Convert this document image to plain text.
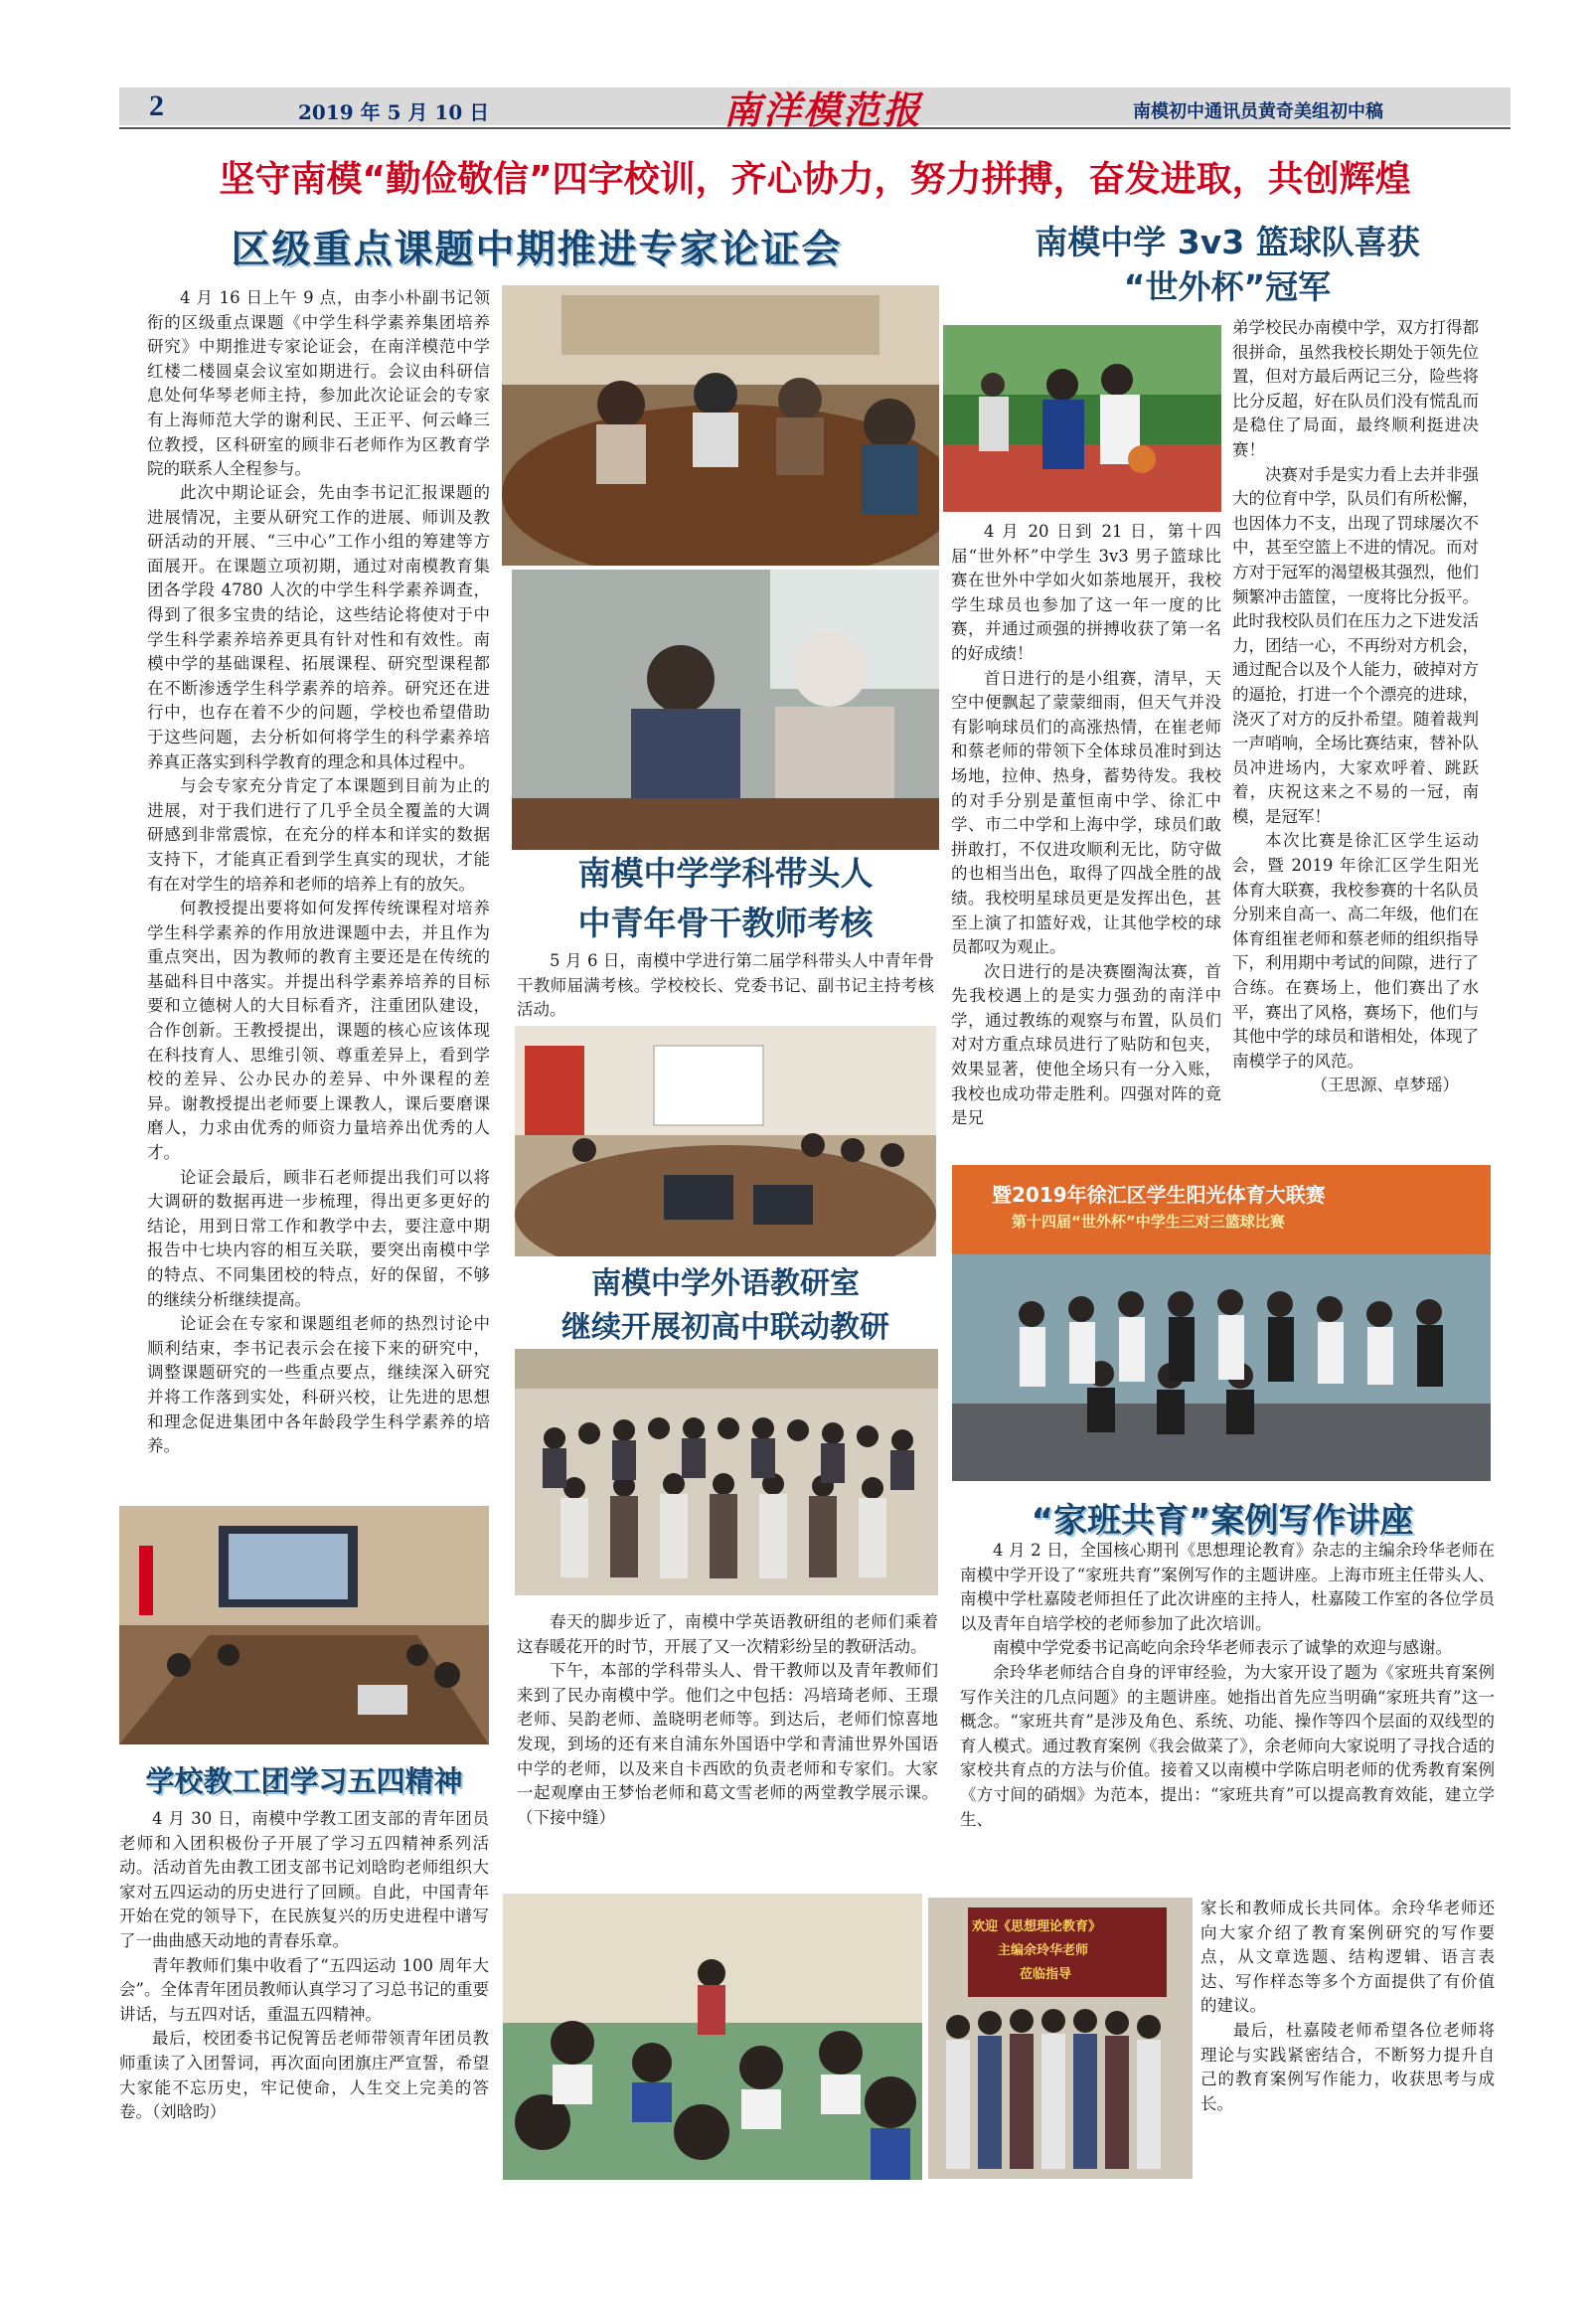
2	2019 年 5 月 10 日	南洋模范报	南模初中通讯员黄奇美组初中稿
坚守南模“勤俭敬信”四字校训，齐心协力，努力拼搏，奋发进取，共创辉煌
区级重点课题中期推进专家论证会

4 月 16 日上午 9 点，由李小朴副书记领衔的区级重点课题《中学生科学素养集团培养研究》中期推进专家论证会，在南洋模范中学红楼二楼圆桌会议室如期进行。会议由科研信息处何华琴老师主持，参加此次论证会的专家有上海师范大学的谢利民、王正平、何云峰三位教授，区科研室的顾非石老师作为区教育学院的联系人全程参与。

此次中期论证会，先由李书记汇报课题的进展情况，主要从研究工作的进展、师训及教研活动的开展、“三中心”工作小组的筹建等方面展开。在课题立项初期，通过对南模教育集团各学段 4780 人次的中学生科学素养调查，得到了很多宝贵的结论，这些结论将使对于中学生科学素养培养更具有针对性和有效性。南模中学的基础课程、拓展课程、研究型课程都在不断渗透学生科学素养的培养。研究还在进行中，也存在着不少的问题，学校也希望借助于这些问题，去分析如何将学生的科学素养培养真正落实到科学教育的理念和具体过程中。

与会专家充分肯定了本课题到目前为止的进展，对于我们进行了几乎全员全覆盖的大调研感到非常震惊，在充分的样本和详实的数据支持下，才能真正看到学生真实的现状，才能有在对学生的培养和老师的培养上有的放矢。

何教授提出要将如何发挥传统课程对培养学生科学素养的作用放进课题中去，并且作为重点突出，因为教师的教育主要还是在传统的基础科目中落实。并提出科学素养培养的目标要和立德树人的大目标看齐，注重团队建设，合作创新。王教授提出，课题的核心应该体现在科技育人、思维引领、尊重差异上，看到学校的差异、公办民办的差异、中外课程的差异。谢教授提出老师要上课教人，课后要磨课磨人，力求由优秀的师资力量培养出优秀的人才。

论证会最后，顾非石老师提出我们可以将大调研的数据再进一步梳理，得出更多更好的结论，用到日常工作和教学中去，要注意中期报告中七块内容的相互关联，要突出南模中学的特点、不同集团校的特点，好的保留，不够的继续分析继续提高。

论证会在专家和课题组老师的热烈讨论中顺利结束，李书记表示会在接下来的研究中，调整课题研究的一些重点要点，继续深入研究并将工作落到实处，科研兴校，让先进的思想和理念促进集团中各年龄段学生科学素养的培养。

南模中学 3v3 篮球队喜获
“世外杯”冠军

弟学校民办南模中学，双方打得都很拼命，虽然我校长期处于领先位置，但对方最后两记三分，险些将比分反超，好在队员们没有慌乱而是稳住了局面，最终顺利挺进决赛！

决赛对手是实力看上去并非强大的位育中学，队员们有所松懈，也因体力不支，出现了罚球屡次不中，甚至空篮上不进的情况。而对方对于冠军的渴望极其强烈，他们频繁冲击篮筐，一度将比分扳平。此时我校队员们在压力之下进发活力，团结一心，不再纷对方机会，通过配合以及个人能力，破掉对方的逼抢，打进一个个漂亮的进球，浇灭了对方的反扑希望。随着裁判一声哨响，全场比赛结束，替补队员冲进场内，大家欢呼着、跳跃着，庆祝这来之不易的一冠，南模，是冠军！

本次比赛是徐汇区学生运动会，暨 2019 年徐汇区学生阳光体育大联赛，我校参赛的十名队员分别来自高一、高二年级，他们在体育组崔老师和蔡老师的组织指导下，利用期中考试的间隙，进行了合练。在赛场上，他们赛出了水平，赛出了风格，赛场下，他们与其他中学的球员和谐相处，体现了南模学子的风范。

（王思源、卓梦瑶）

4 月 20 日到 21 日，第十四届“世外杯”中学生 3v3 男子篮球比赛在世外中学如火如荼地展开，我校学生球员也参加了这一年一度的比赛，并通过顽强的拼搏收获了第一名的好成绩！

首日进行的是小组赛，清早，天空中便飘起了蒙蒙细雨，但天气并没有影响球员们的高涨热情，在崔老师和蔡老师的带领下全体球员准时到达场地，拉伸、热身，蓄势待发。我校的对手分别是董恒南中学、徐汇中学、市二中学和上海中学，球员们敢拼敢打，不仅进攻顺利无比，防守做的也相当出色，取得了四战全胜的战绩。我校明星球员更是发挥出色，甚至上演了扣篮好戏，让其他学校的球员都叹为观止。

次日进行的是决赛圈淘汰赛，首先我校遇上的是实力强劲的南洋中学，通过教练的观察与布置，队员们对对方重点球员进行了贴防和包夹，效果显著，使他全场只有一分入账，我校也成功带走胜利。四强对阵的竟是兄

暨2019年徐汇区学生阳光体育大联赛
第十四届“世外杯”中学生三对三篮球比赛
南模中学学科带头人
中青年骨干教师考核

5 月 6 日，南模中学进行第二届学科带头人中青年骨干教师届满考核。学校校长、党委书记、副书记主持考核活动。

南模中学外语教研室
继续开展初高中联动教研

春天的脚步近了，南模中学英语教研组的老师们乘着这春暖花开的时节，开展了又一次精彩纷呈的教研活动。

下午，本部的学科带头人、骨干教师以及青年教师们来到了民办南模中学。他们之中包括：冯培琦老师、王璟老师、吴韵老师、盖晓明老师等。到达后，老师们惊喜地发现，到场的还有来自浦东外国语中学和青浦世界外国语中学的老师，以及来自卡西欧的负责老师和专家们。大家一起观摩由王梦怡老师和葛文雪老师的两堂教学展示课。（下接中缝）

学校教工团学习五四精神

4 月 30 日，南模中学教工团支部的青年团员老师和入团积极份子开展了学习五四精神系列活动。活动首先由教工团支部书记刘晗昀老师组织大家对五四运动的历史进行了回顾。自此，中国青年开始在党的领导下，在民族复兴的历史进程中谱写了一曲曲感天动地的青春乐章。

青年教师们集中收看了“五四运动 100 周年大会”。全体青年团员教师认真学习了习总书记的重要讲话，与五四对话，重温五四精神。

最后，校团委书记倪箐岳老师带领青年团员教师重读了入团誓词，再次面向团旗庄严宣誓，希望大家能不忘历史，牢记使命，人生交上完美的答卷。（刘晗昀）

“家班共育”案例写作讲座

4 月 2 日，全国核心期刊《思想理论教育》杂志的主编余玲华老师在南模中学开设了“家班共育”案例写作的主题讲座。上海市班主任带头人、南模中学杜嘉陵老师担任了此次讲座的主持人，杜嘉陵工作室的各位学员以及青年自培学校的老师参加了此次培训。

南模中学党委书记高屹向余玲华老师表示了诚挚的欢迎与感谢。

余玲华老师结合自身的评审经验，为大家开设了题为《家班共育案例写作关注的几点问题》的主题讲座。她指出首先应当明确“家班共育”这一概念。“家班共育”是涉及角色、系统、功能、操作等四个层面的双线型的育人模式。通过教育案例《我会做菜了》，余老师向大家说明了寻找合适的家校共育点的方法与价值。接着又以南模中学陈启明老师的优秀教育案例《方寸间的硝烟》为范本，提出：“家班共育”可以提高教育效能，建立学生、

欢迎《思想理论教育》
主编余玲华老师
莅临指导

家长和教师成长共同体。余玲华老师还向大家介绍了教育案例研究的写作要点，从文章选题、结构逻辑、语言表达、写作样态等多个方面提供了有价值的建议。

最后，杜嘉陵老师希望各位老师将理论与实践紧密结合，不断努力提升自己的教育案例写作能力，收获思考与成长。
